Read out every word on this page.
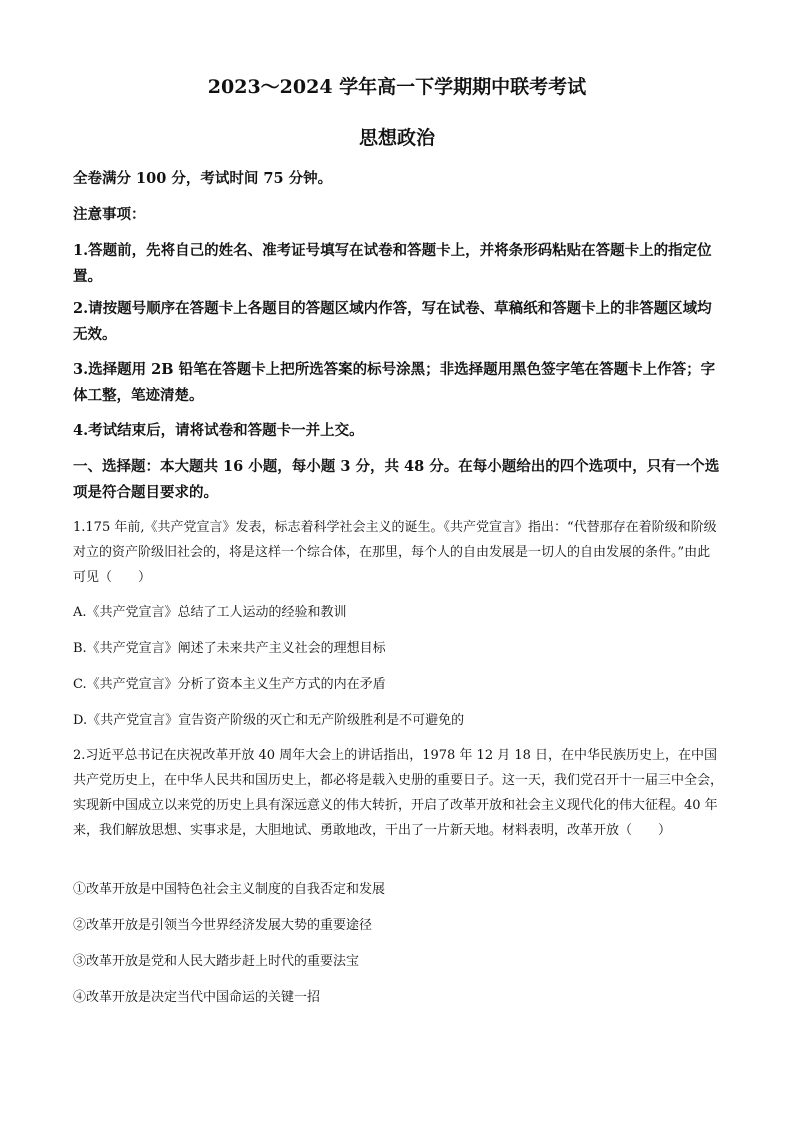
2023～2024 学年高一下学期期中联考考试
思想政治
全卷满分 100 分，考试时间 75 分钟。
注意事项：
1.答题前，先将自己的姓名、准考证号填写在试卷和答题卡上，并将条形码粘贴在答题卡上的指定位置。
2.请按题号顺序在答题卡上各题目的答题区域内作答，写在试卷、草稿纸和答题卡上的非答题区域均无效。
3.选择题用 2B 铅笔在答题卡上把所选答案的标号涂黑；非选择题用黑色签字笔在答题卡上作答；字体工整，笔迹清楚。
4.考试结束后，请将试卷和答题卡一并上交。
一、选择题：本大题共 16 小题，每小题 3 分，共 48 分。在每小题给出的四个选项中，只有一个选项是符合题目要求的。
1.175 年前,《共产党宣言》发表，标志着科学社会主义的诞生。《共产党宣言》指出：“代替那存在着阶级和阶级对立的资产阶级旧社会的，将是这样一个综合体，在那里，每个人的自由发展是一切人的自由发展的条件。”由此可见（　　）
A.《共产党宣言》总结了工人运动的经验和教训
B.《共产党宣言》阐述了未来共产主义社会的理想目标
C.《共产党宣言》分析了资本主义生产方式的内在矛盾
D.《共产党宣言》宣告资产阶级的灭亡和无产阶级胜利是不可避免的
2.习近平总书记在庆祝改革开放 40 周年大会上的讲话指出，1978 年 12 月 18 日，在中华民族历史上，在中国共产党历史上，在中华人民共和国历史上，都必将是载入史册的重要日子。这一天，我们党召开十一届三中全会，实现新中国成立以来党的历史上具有深远意义的伟大转折，开启了改革开放和社会主义现代化的伟大征程。40 年来，我们解放思想、实事求是，大胆地试、勇敢地改，干出了一片新天地。材料表明，改革开放（　　）
①改革开放是中国特色社会主义制度的自我否定和发展
②改革开放是引领当今世界经济发展大势的重要途径
③改革开放是党和人民大踏步赶上时代的重要法宝
④改革开放是决定当代中国命运的关键一招
